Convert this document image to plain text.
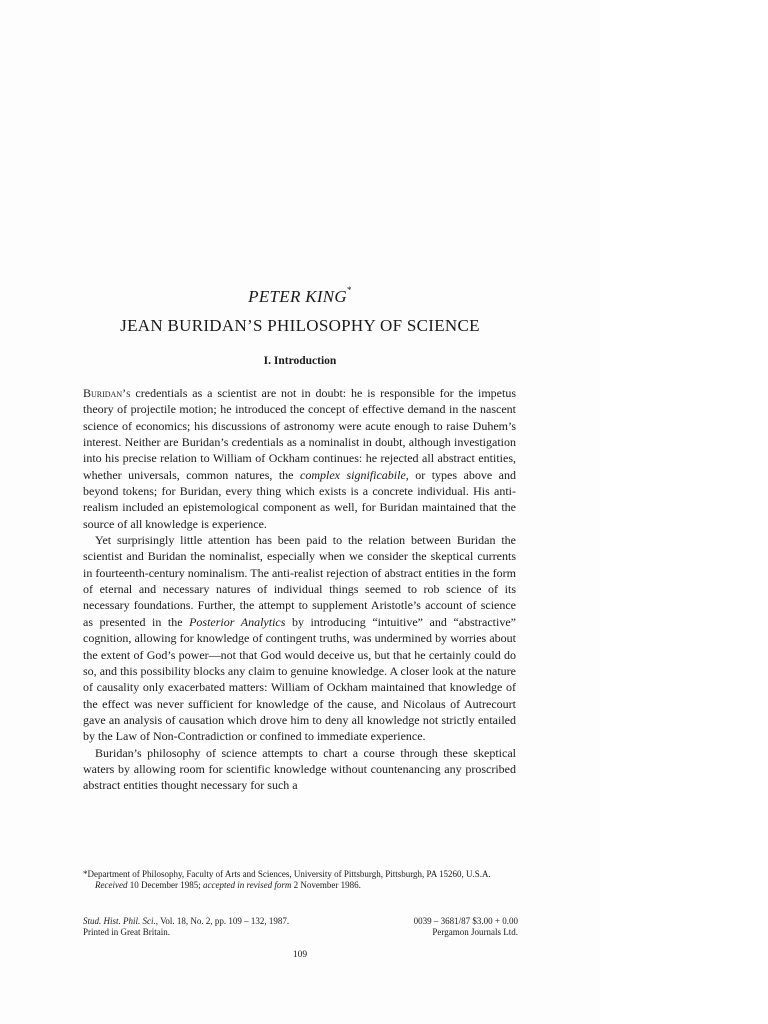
PETER KING*
JEAN BURIDAN’S PHILOSOPHY OF SCIENCE
I. Introduction

Buridan’s credentials as a scientist are not in doubt: he is responsible for the impetus theory of projectile motion; he introduced the concept of effective demand in the nascent science of economics; his discussions of astronomy were acute enough to raise Duhem’s interest. Neither are Buridan’s credentials as a nominalist in doubt, although investigation into his precise relation to William of Ockham continues: he rejected all abstract entities, whether universals, common natures, the complex significabile, or types above and beyond tokens; for Buridan, every thing which exists is a concrete individual. His anti-realism included an epistemological component as well, for Buridan maintained that the source of all knowledge is experience.

Yet surprisingly little attention has been paid to the relation between Buridan the scientist and Buridan the nominalist, especially when we consider the skeptical currents in fourteenth-century nominalism. The anti-realist rejection of abstract entities in the form of eternal and necessary natures of individual things seemed to rob science of its necessary foundations. Further, the attempt to supplement Aristotle’s account of science as presented in the Posterior Analytics by introducing “intuitive” and “abstractive” cognition, allowing for knowledge of contingent truths, was undermined by worries about the extent of God’s power—not that God would deceive us, but that he certainly could do so, and this possibility blocks any claim to genuine knowledge. A closer look at the nature of causality only exacerbated matters: William of Ockham maintained that knowledge of the effect was never sufficient for knowledge of the cause, and Nicolaus of Autrecourt gave an analysis of causation which drove him to deny all knowledge not strictly entailed by the Law of Non-Contradiction or confined to immediate experience.

Buridan’s philosophy of science attempts to chart a course through these skeptical waters by allowing room for scientific knowledge without countenancing any proscribed abstract entities thought necessary for such a

*Department of Philosophy, Faculty of Arts and Sciences, University of Pittsburgh, Pittsburgh, PA 15260, U.S.A.

Received 10 December 1985; accepted in revised form 2 November 1986.

Stud. Hist. Phil. Sci., Vol. 18, No. 2, pp. 109 – 132, 1987.	0039 – 3681/87 $3.00 + 0.00
Printed in Great Britain.	Pergamon Journals Ltd.
109
